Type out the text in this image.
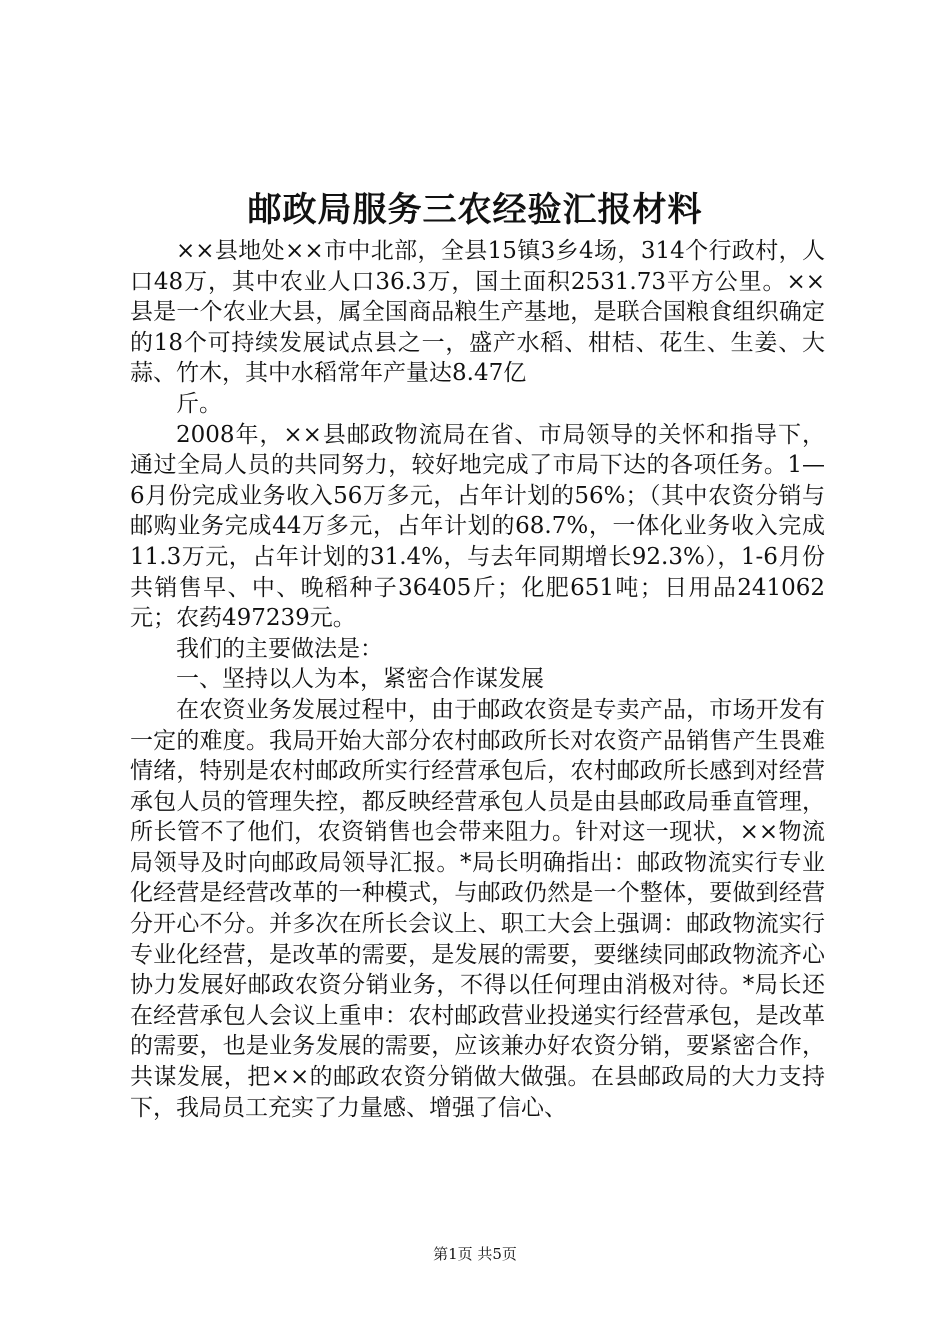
邮政局服务三农经验汇报材料

××县地处××市中北部，全县15镇3乡4场，314个行政村，人口48万，其中农业人口36.3万，国土面积2531.73平方公里。××县是一个农业大县，属全国商品粮生产基地，是联合国粮食组织确定的18个可持续发展试点县之一，盛产水稻、柑桔、花生、生姜、大蒜、竹木，其中水稻常年产量达8.47亿

斤。

2008年，××县邮政物流局在省、市局领导的关怀和指导下，通过全局人员的共同努力，较好地完成了市局下达的各项任务。1—6月份完成业务收入56万多元，占年计划的56%；（其中农资分销与邮购业务完成44万多元，占年计划的68.7%，一体化业务收入完成11.3万元，占年计划的31.4%，与去年同期增长92.3%），1-6月份共销售早、中、晚稻种子36405斤；化肥651吨；日用品241062元；农药497239元。

我们的主要做法是：

一、坚持以人为本，紧密合作谋发展

在农资业务发展过程中，由于邮政农资是专卖产品，市场开发有一定的难度。我局开始大部分农村邮政所长对农资产品销售产生畏难情绪，特别是农村邮政所实行经营承包后，农村邮政所长感到对经营承包人员的管理失控，都反映经营承包人员是由县邮政局垂直管理，所长管不了他们，农资销售也会带来阻力。针对这一现状，××物流局领导及时向邮政局领导汇报。*局长明确指出：邮政物流实行专业化经营是经营改革的一种模式，与邮政仍然是一个整体，要做到经营分开心不分。并多次在所长会议上、职工大会上强调：邮政物流实行专业化经营，是改革的需要，是发展的需要，要继续同邮政物流齐心协力发展好邮政农资分销业务，不得以任何理由消极对待。*局长还在经营承包人会议上重申：农村邮政营业投递实行经营承包，是改革的需要，也是业务发展的需要，应该兼办好农资分销，要紧密合作，共谋发展，把××的邮政农资分销做大做强。在县邮政局的大力支持下，我局员工充实了力量感、增强了信心、

第1页 共5页
